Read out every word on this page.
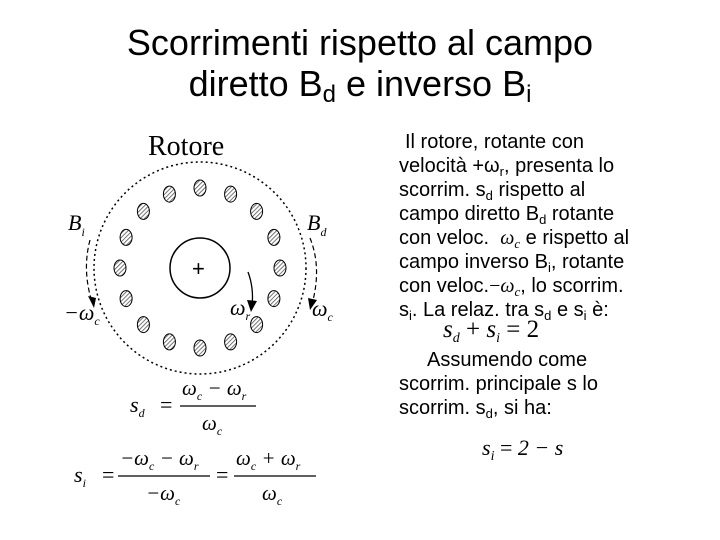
Scorrimenti rispetto al campo
diretto $B_d$ e inverso $B_i$
Rotore
+
$B_i$
$-\omega_c$
$B_d$
$\omega_c$
$\omega_r$
$s_d$ =
$\omega_c - \omega_r$
$\omega_c$
$s_i$ =
$-\omega_c - \omega_r$
$-\omega_c$
=
$\omega_c + \omega_r$
$\omega_c$
Il rotore, rotante con
velocità $+\omega_r$, presenta lo
scorrim. $s_d$ rispetto al
campo diretto $B_d$ rotante
con veloc. $\omega_c$ e rispetto al
campo inverso $B_i$, rotante
con $veloc.-\omega_c$, lo scorrim.
$s_i$. La relaz. tra $s_d$ e $s_i$ è:
$s_d + s_i = 2$
Assumendo come
scorrim. principale s lo
scorrim. $s_d$, si ha:
$s_i = 2 - s$
